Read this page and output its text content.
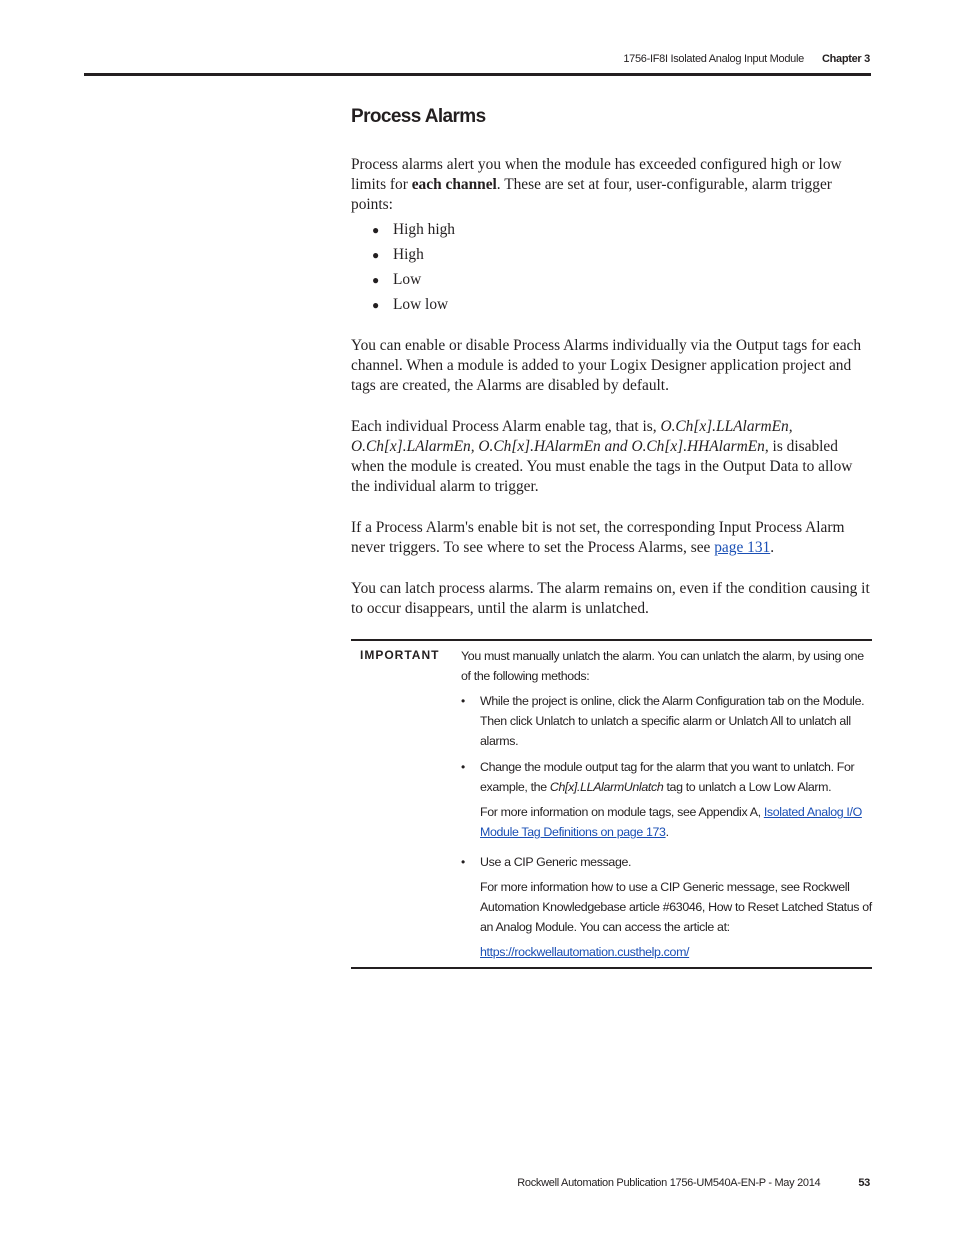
1756-IF8I Isolated Analog Input Module Chapter 3
Process Alarms

Process alarms alert you when the module has exceeded configured high or low limits for each channel. These are set at four, user-configurable, alarm trigger points:

● High high
● High
● Low
● Low low

You can enable or disable Process Alarms individually via the Output tags for each channel. When a module is added to your Logix Designer application project and tags are created, the Alarms are disabled by default.

Each individual Process Alarm enable tag, that is, O.Ch[x].LLAlarmEn, O.Ch[x].LAlarmEn, O.Ch[x].HAlarmEn and O.Ch[x].HHAlarmEn, is disabled when the module is created. You must enable the tags in the Output Data to allow the individual alarm to trigger.

If a Process Alarm's enable bit is not set, the corresponding Input Process Alarm never triggers. To see where to set the Process Alarms, see page 131.

You can latch process alarms. The alarm remains on, even if the condition causing it to occur disappears, until the alarm is unlatched.

IMPORTANT You must manually unlatch the alarm. You can unlatch the alarm, by using one of the following methods:

• While the project is online, click the Alarm Configuration tab on the Module. Then click Unlatch to unlatch a specific alarm or Unlatch All to unlatch all alarms.

• Change the module output tag for the alarm that you want to unlatch. For example, the Ch[x].LLAlarmUnlatch tag to unlatch a Low Low Alarm.

For more information on module tags, see Appendix A, Isolated Analog I/O Module Tag Definitions on page 173.

• Use a CIP Generic message.

For more information how to use a CIP Generic message, see Rockwell Automation Knowledgebase article #63046, How to Reset Latched Status of an Analog Module. You can access the article at:

https://rockwellautomation.custhelp.com/

Rockwell Automation Publication 1756-UM540A-EN-P - May 2014	53
